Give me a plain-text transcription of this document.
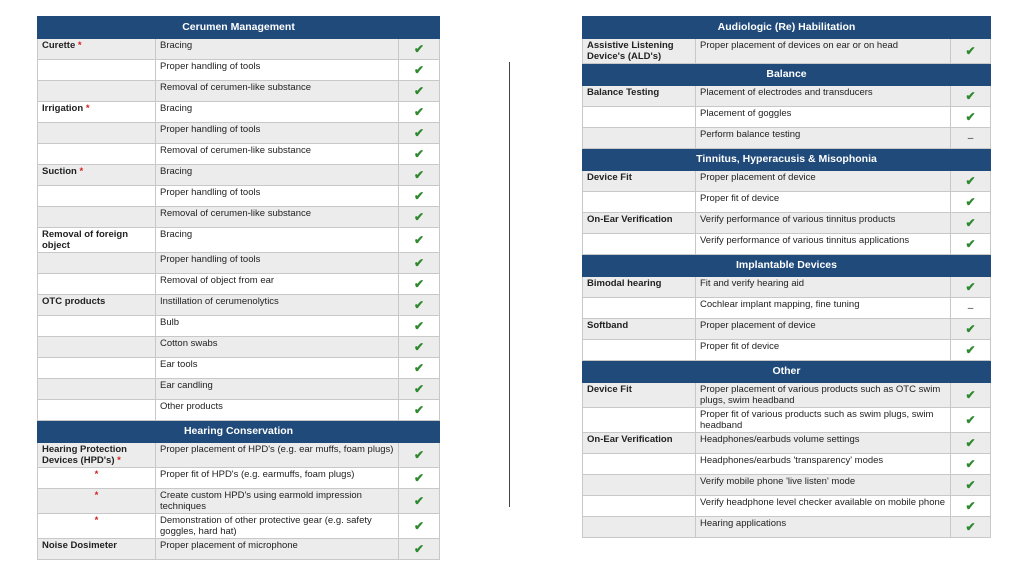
Cerumen Management		
Curette *	Bracing	✔
	Proper handling of tools	✔
	Removal of cerumen-like substance	✔
Irrigation *	Bracing	✔
	Proper handling of tools	✔
	Removal of cerumen-like substance	✔
Suction *	Bracing	✔
	Proper handling of tools	✔
	Removal of cerumen-like substance	✔
Removal of foreign object	Bracing	✔
	Proper handling of tools	✔
	Removal of object from ear	✔
OTC products	Instillation of cerumenolytics	✔
	Bulb	✔
	Cotton swabs	✔
	Ear tools	✔
	Ear candling	✔
	Other products	✔
Hearing Conservation		
Hearing Protection Devices (HPD's) *	Proper placement of HPD's (e.g. ear muffs, foam plugs)	✔
*	Proper fit of HPD's (e.g. earmuffs, foam plugs)	✔
*	Create custom HPD's using earmold impression techniques	✔
*	Demonstration of other protective gear (e.g. safety goggles, hard hat)	✔
Noise Dosimeter	Proper placement of microphone	✔
Audiologic (Re) Habilitation		
Assistive Listening Device's (ALD's)	Proper placement of devices on ear or on head	✔
Balance		
Balance Testing	Placement of electrodes and transducers	✔
	Placement of goggles	✔
	Perform balance testing	–
Tinnitus, Hyperacusis & Misophonia		
Device Fit	Proper placement of device	✔
	Proper fit of device	✔
On-Ear Verification	Verify performance of various tinnitus products	✔
	Verify performance of various tinnitus applications	✔
Implantable Devices		
Bimodal hearing	Fit and verify hearing aid	✔
	Cochlear implant mapping, fine tuning	–
Softband	Proper placement of device	✔
	Proper fit of device	✔
Other		
Device Fit	Proper placement of various products such as OTC swim plugs, swim headband	✔
	Proper fit of various products such as swim plugs, swim headband	✔
On-Ear Verification	Headphones/earbuds volume settings	✔
	Headphones/earbuds 'transparency' modes	✔
	Verify mobile phone 'live listen' mode	✔
	Verify headphone level checker available on mobile phone	✔
	Hearing applications	✔
